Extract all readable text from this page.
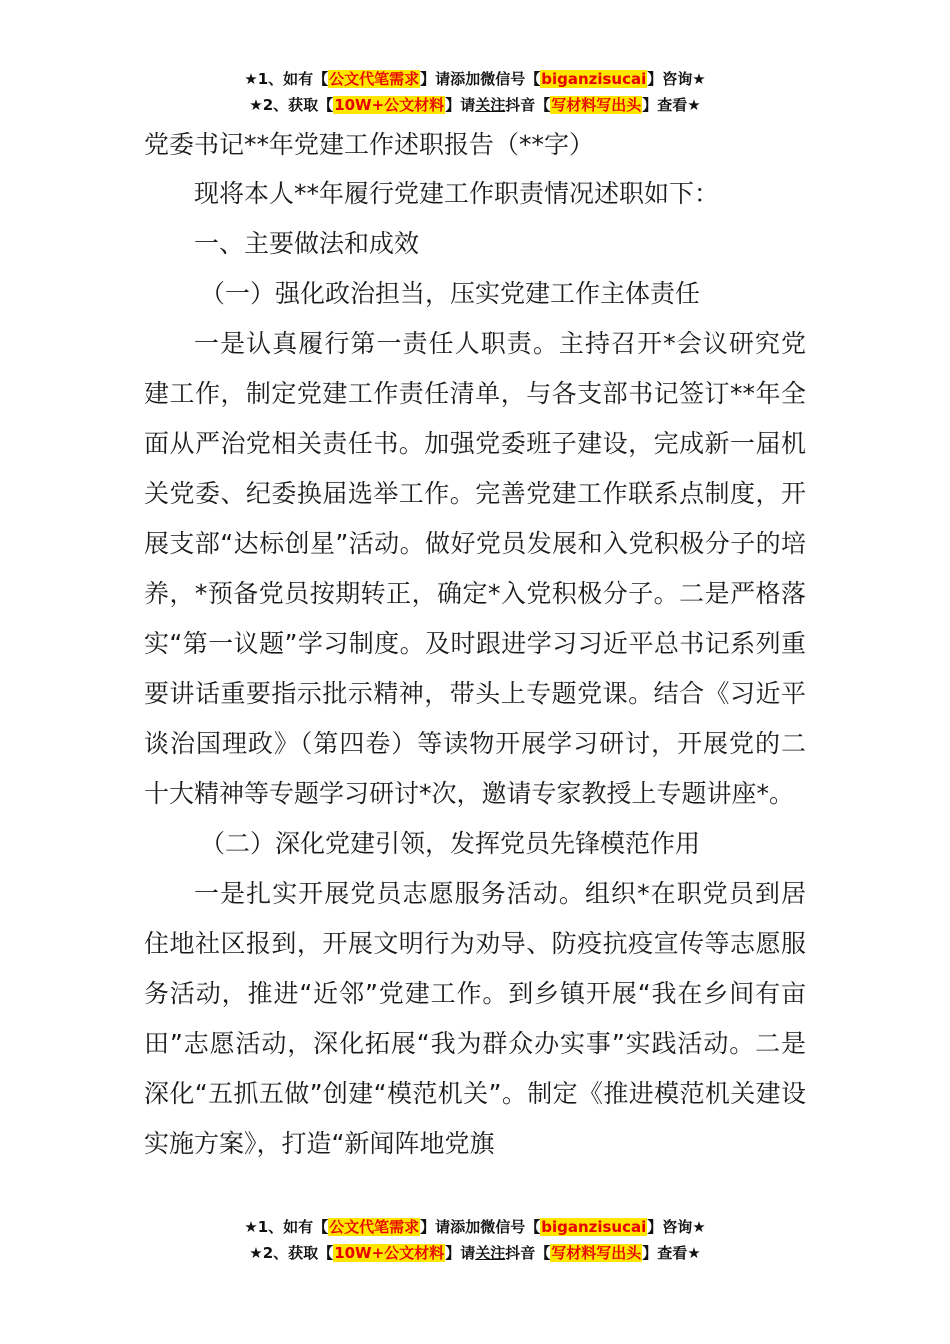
★1、如有【公文代笔需求】请添加微信号【biganzisucai】咨询★
★2、获取【10W+公文材料】请关注抖音【写材料写出头】查看★
党委书记**年党建工作述职报告（**字）
现将本人**年履行党建工作职责情况述职如下：
一、主要做法和成效
（一）强化政治担当，压实党建工作主体责任

一是认真履行第一责任人职责。主持召开*会议研究党建工作，制定党建工作责任清单，与各支部书记签订**年全面从严治党相关责任书。加强党委班子建设，完成新一届机关党委、纪委换届选举工作。完善党建工作联系点制度，开展支部“达标创星”活动。做好党员发展和入党积极分子的培养，*预备党员按期转正，确定*入党积极分子。二是严格落实“第一议题”学习制度。及时跟进学习习近平总书记系列重要讲话重要指示批示精神，带头上专题党课。结合《习近平谈治国理政》（第四卷）等读物开展学习研讨，开展党的二十大精神等专题学习研讨*次，邀请专家教授上专题讲座*。

（二）深化党建引领，发挥党员先锋模范作用

一是扎实开展党员志愿服务活动。组织*在职党员到居住地社区报到，开展文明行为劝导、防疫抗疫宣传等志愿服务活动，推进“近邻”党建工作。到乡镇开展“我在乡间有亩田”志愿活动，深化拓展“我为群众办实事”实践活动。二是深化“五抓五做”创建“模范机关”。制定《推进模范机关建设实施方案》，打造“新闻阵地党旗

★1、如有【公文代笔需求】请添加微信号【biganzisucai】咨询★
★2、获取【10W+公文材料】请关注抖音【写材料写出头】查看★
